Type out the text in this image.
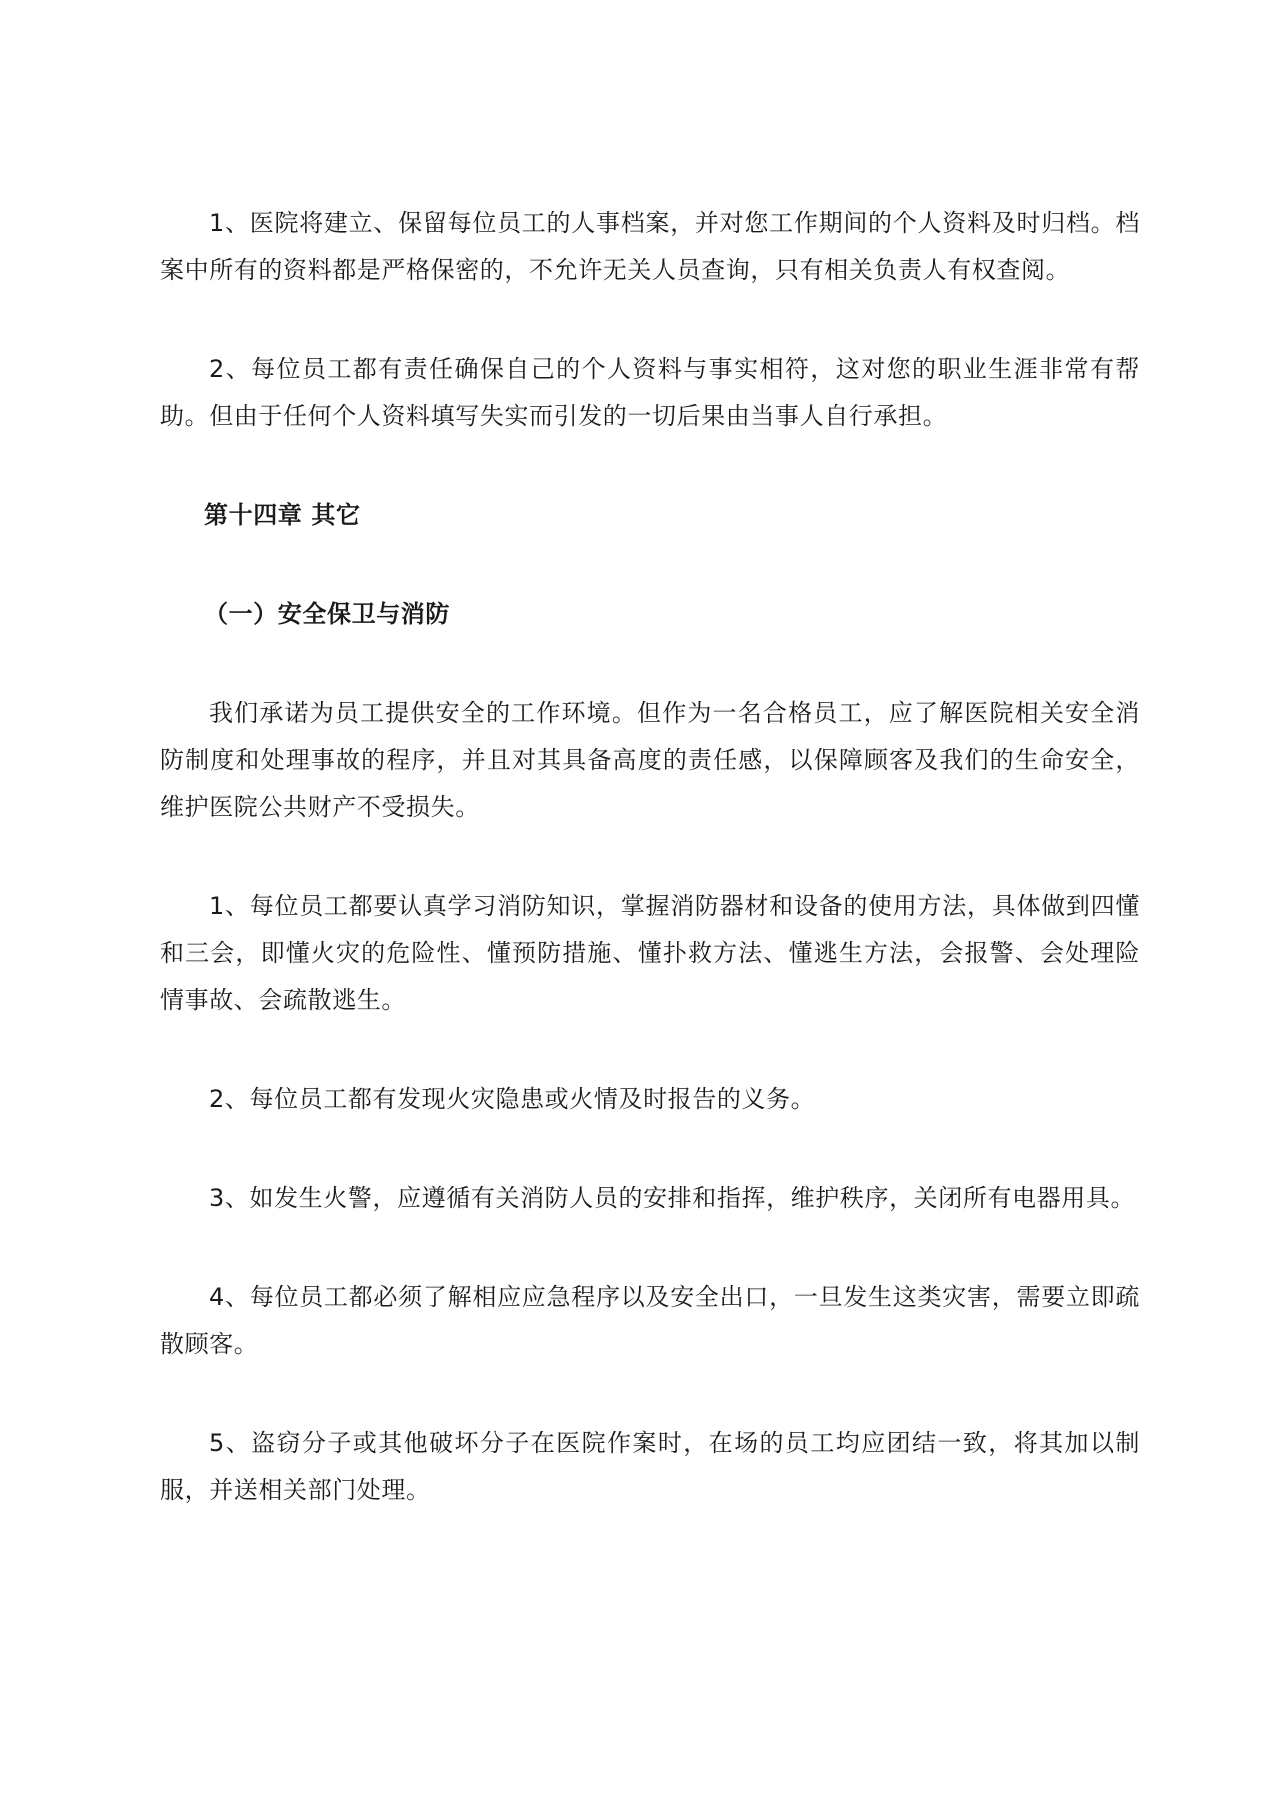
1、医院将建立、保留每位员工的人事档案，并对您工作期间的个人资料及时归档。档案中所有的资料都是严格保密的，不允许无关人员查询，只有相关负责人有权查阅。

2、每位员工都有责任确保自己的个人资料与事实相符，这对您的职业生涯非常有帮助。但由于任何个人资料填写失实而引发的一切后果由当事人自行承担。

第十四章 其它

（一）安全保卫与消防

我们承诺为员工提供安全的工作环境。但作为一名合格员工，应了解医院相关安全消防制度和处理事故的程序，并且对其具备高度的责任感，以保障顾客及我们的生命安全，维护医院公共财产不受损失。

1、每位员工都要认真学习消防知识，掌握消防器材和设备的使用方法，具体做到四懂和三会，即懂火灾的危险性、懂预防措施、懂扑救方法、懂逃生方法，会报警、会处理险情事故、会疏散逃生。

2、每位员工都有发现火灾隐患或火情及时报告的义务。

3、如发生火警，应遵循有关消防人员的安排和指挥，维护秩序，关闭所有电器用具。

4、每位员工都必须了解相应应急程序以及安全出口，一旦发生这类灾害，需要立即疏散顾客。

5、盗窃分子或其他破坏分子在医院作案时，在场的员工均应团结一致，将其加以制服，并送相关部门处理。
